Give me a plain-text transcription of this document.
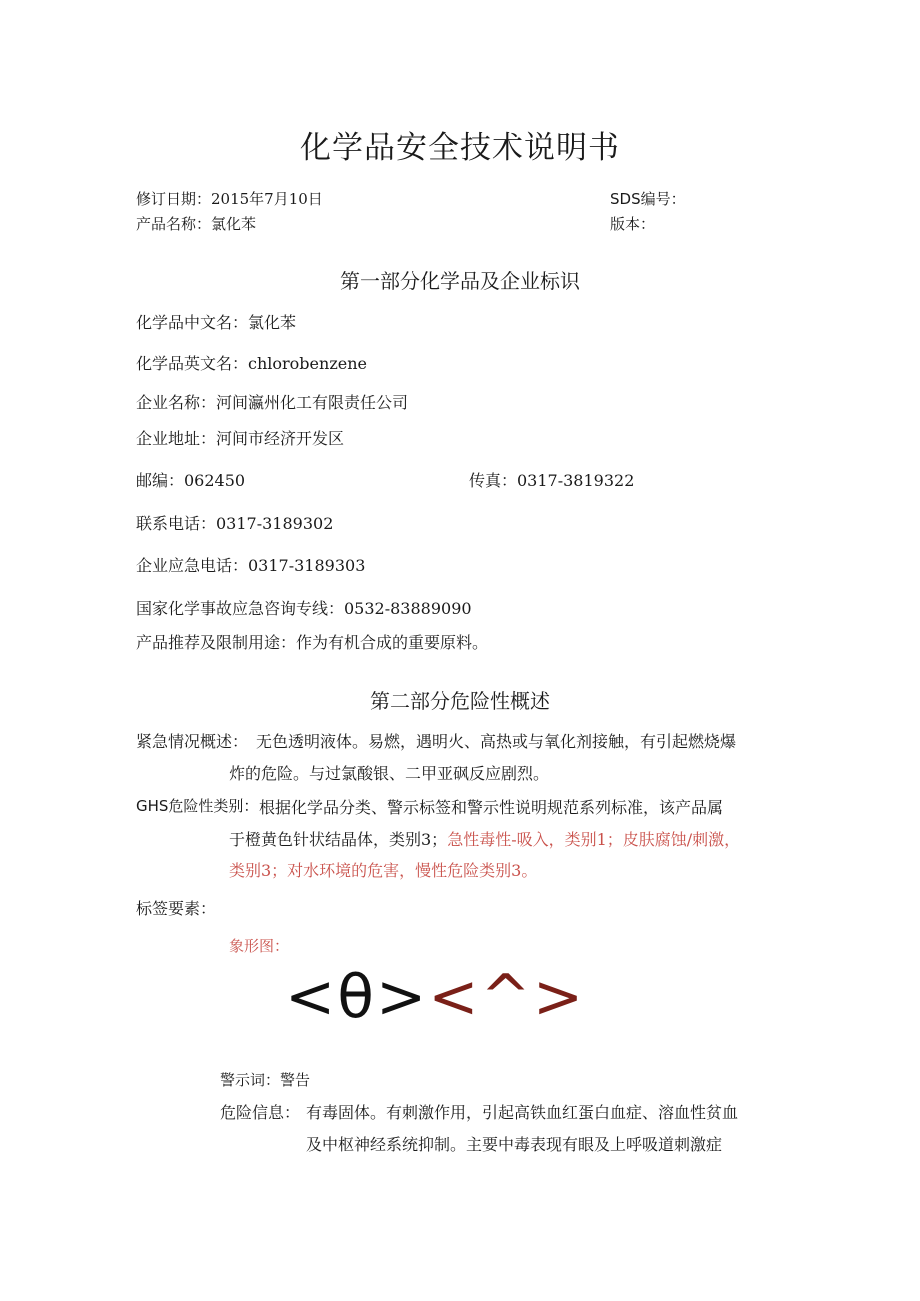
化学品安全技术说明书
修订日期：2015年7月10日	SDS编号：
产品名称：氯化苯	版本：
第一部分化学品及企业标识
化学品中文名：氯化苯
化学品英文名：chlorobenzene
企业名称：河间瀛州化工有限责任公司
企业地址：河间市经济开发区
邮编：062450	传真：0317-3819322
联系电话：0317-3189302
企业应急电话：0317-3189303
国家化学事故应急咨询专线：0532-83889090
产品推荐及限制用途：作为有机合成的重要原料。
第二部分危险性概述
紧急情况概述： 无色透明液体。易燃，遇明火、高热或与氧化剂接触，有引起燃烧爆
炸的危险。与过氯酸银、二甲亚砜反应剧烈。
GHS危险性类别： 根据化学品分类、警示标签和警示性说明规范系列标准，该产品属
于橙黄色针状结晶体，类别3；急性毒性-吸入，类别1；皮肤腐蚀/刺激，
类别3；对水环境的危害，慢性危险类别3。
标签要素：
象形图：
<θ><^>
警示词：警告
危险信息： 有毒固体。有刺激作用，引起高铁血红蛋白血症、溶血性贫血
及中枢神经系统抑制。主要中毒表现有眼及上呼吸道刺激症
